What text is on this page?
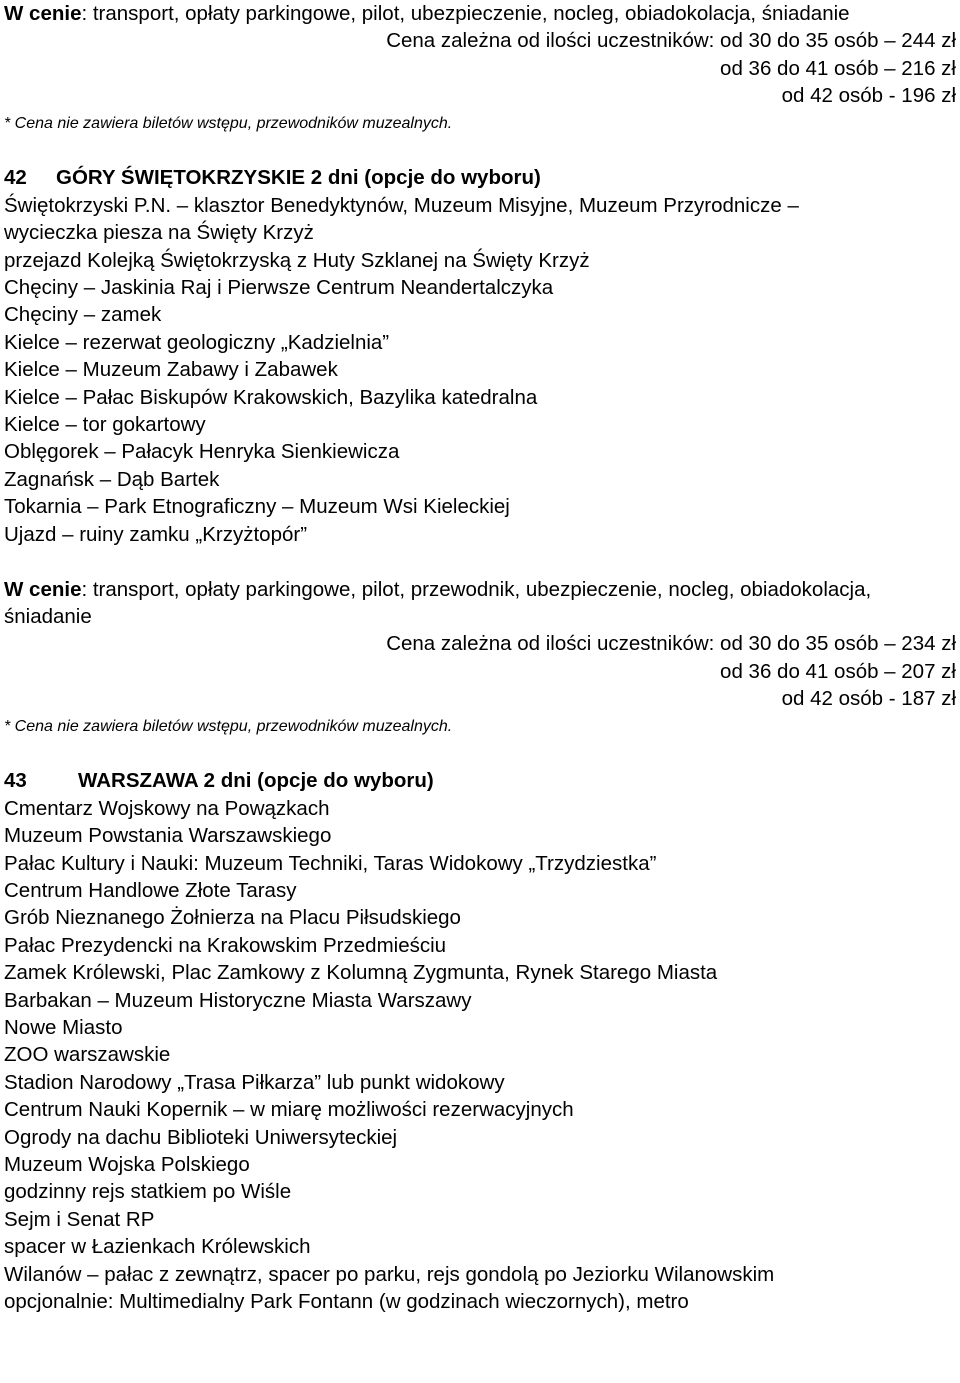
W cenie: transport, opłaty parkingowe, pilot, ubezpieczenie, nocleg, obiadokolacja, śniadanie
Cena zależna od ilości uczestników: od 30 do 35 osób – 244 zł
od 36 do 41 osób – 216 zł
od 42 osób - 196 zł
* Cena nie zawiera biletów wstępu, przewodników muzealnych.
42 GÓRY ŚWIĘTOKRZYSKIE 2 dni (opcje do wyboru)
Świętokrzyski P.N. – klasztor Benedyktynów, Muzeum Misyjne, Muzeum Przyrodnicze –
wycieczka piesza na Święty Krzyż
przejazd Kolejką Świętokrzyską z Huty Szklanej na Święty Krzyż
Chęciny – Jaskinia Raj i Pierwsze Centrum Neandertalczyka
Chęciny – zamek
Kielce – rezerwat geologiczny „Kadzielnia”
Kielce – Muzeum Zabawy i Zabawek
Kielce – Pałac Biskupów Krakowskich, Bazylika katedralna
Kielce – tor gokartowy
Oblęgorek – Pałacyk Henryka Sienkiewicza
Zagnańsk – Dąb Bartek
Tokarnia – Park Etnograficzny – Muzeum Wsi Kieleckiej
Ujazd – ruiny zamku „Krzyżtopór”
W cenie: transport, opłaty parkingowe, pilot, przewodnik, ubezpieczenie, nocleg, obiadokolacja, śniadanie
Cena zależna od ilości uczestników: od 30 do 35 osób – 234 zł
od 36 do 41 osób – 207 zł
od 42 osób - 187 zł
* Cena nie zawiera biletów wstępu, przewodników muzealnych.
43 WARSZAWA 2 dni (opcje do wyboru)
Cmentarz Wojskowy na Powązkach
Muzeum Powstania Warszawskiego
Pałac Kultury i Nauki: Muzeum Techniki, Taras Widokowy „Trzydziestka”
Centrum Handlowe Złote Tarasy
Grób Nieznanego Żołnierza na Placu Piłsudskiego
Pałac Prezydencki na Krakowskim Przedmieściu
Zamek Królewski, Plac Zamkowy z Kolumną Zygmunta, Rynek Starego Miasta
Barbakan – Muzeum Historyczne Miasta Warszawy
Nowe Miasto
ZOO warszawskie
Stadion Narodowy „Trasa Piłkarza” lub punkt widokowy
Centrum Nauki Kopernik – w miarę możliwości rezerwacyjnych
Ogrody na dachu Biblioteki Uniwersyteckiej
Muzeum Wojska Polskiego
godzinny rejs statkiem po Wiśle
Sejm i Senat RP
spacer w Łazienkach Królewskich
Wilanów – pałac z zewnątrz, spacer po parku, rejs gondolą po Jeziorku Wilanowskim
opcjonalnie: Multimedialny Park Fontann (w godzinach wieczornych), metro
